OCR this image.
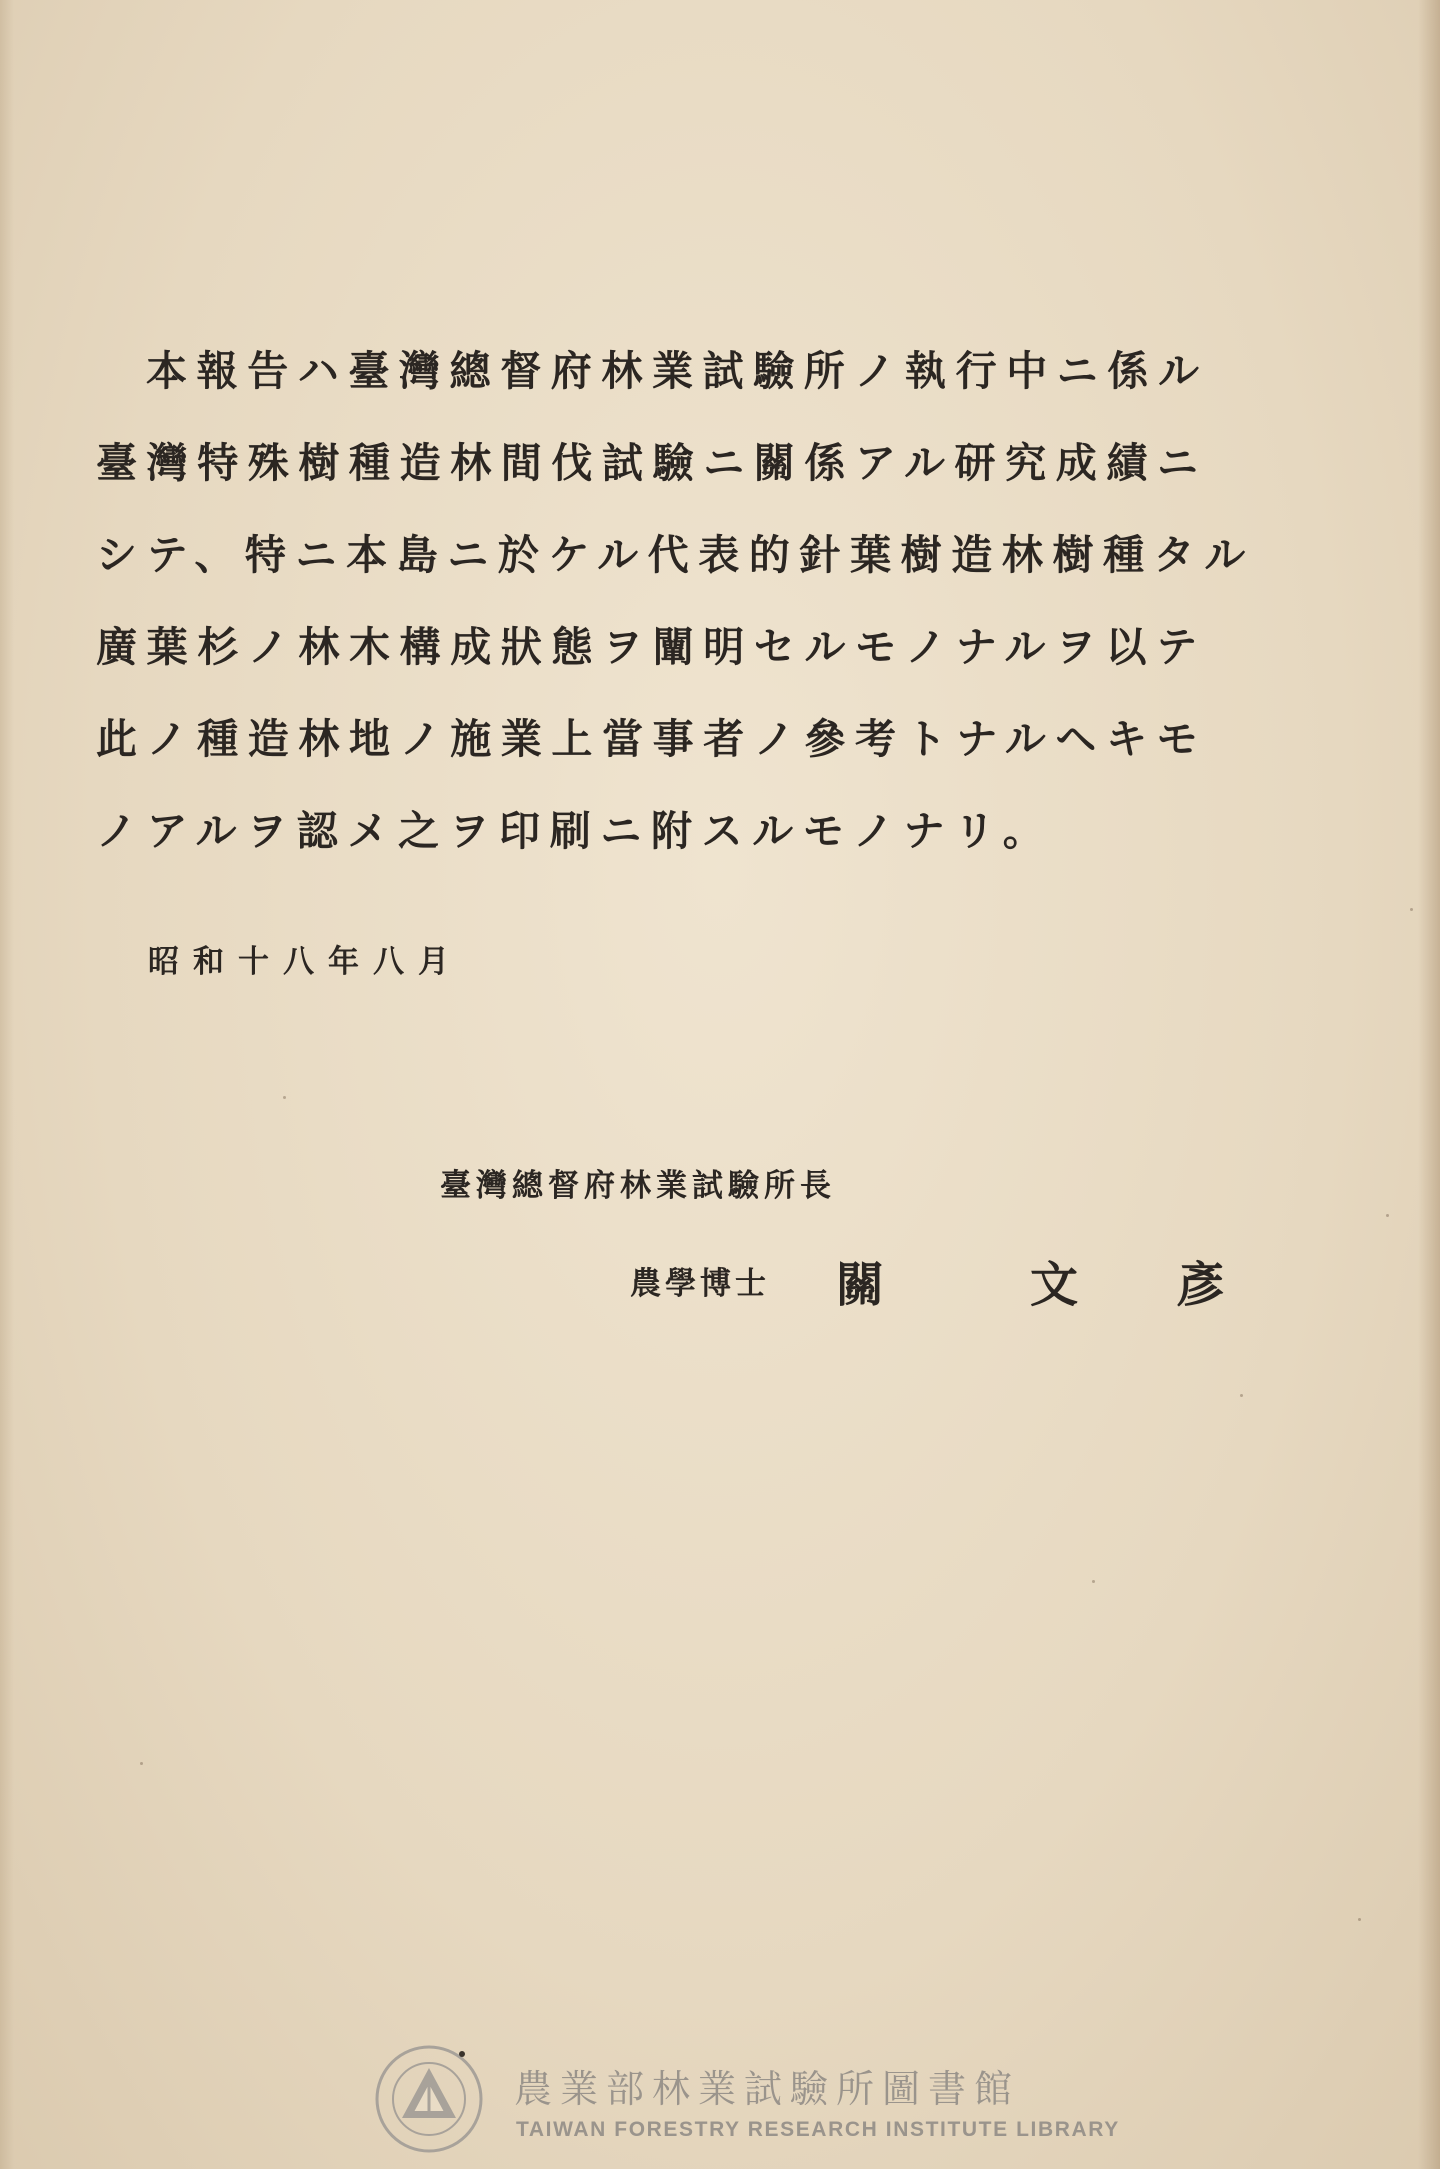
本報告ハ臺灣總督府林業試驗所ノ執行中ニ係ル
臺灣特殊樹種造林間伐試驗ニ關係アル研究成績ニ
シテ、特ニ本島ニ於ケル代表的針葉樹造林樹種タル
廣葉杉ノ林木構成狀態ヲ闡明セルモノナルヲ以テ
此ノ種造林地ノ施業上當事者ノ參考トナルヘキモ
ノアルヲ認メ之ヲ印刷ニ附スルモノナリ。
昭和十八年八月
臺灣總督府林業試驗所長
農學博士 關	文 彥
農業部林業試驗所圖書館
TAIWAN FORESTRY RESEARCH INSTITUTE LIBRARY
